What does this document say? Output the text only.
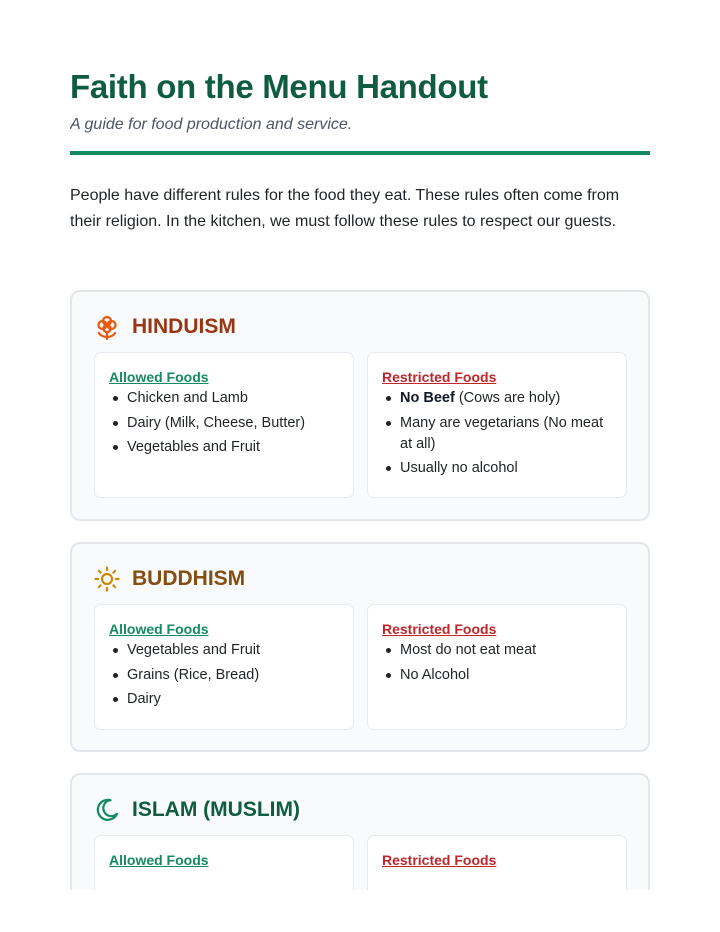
Faith on the Menu Handout

A guide for food production and service.

People have different rules for the food they eat. These rules often come from their religion. In the kitchen, we must follow these rules to respect our guests.

HINDUISM
Allowed Foods
Chicken and Lamb
Dairy (Milk, Cheese, Butter)
Vegetables and Fruit
Restricted Foods
No Beef (Cows are holy)
Many are vegetarians (No meat at all)
Usually no alcohol
BUDDHISM
Allowed Foods
Vegetables and Fruit
Grains (Rice, Bread)
Dairy
Restricted Foods
Most do not eat meat
No Alcohol
ISLAM (MUSLIM)
Allowed Foods	Restricted Foods
